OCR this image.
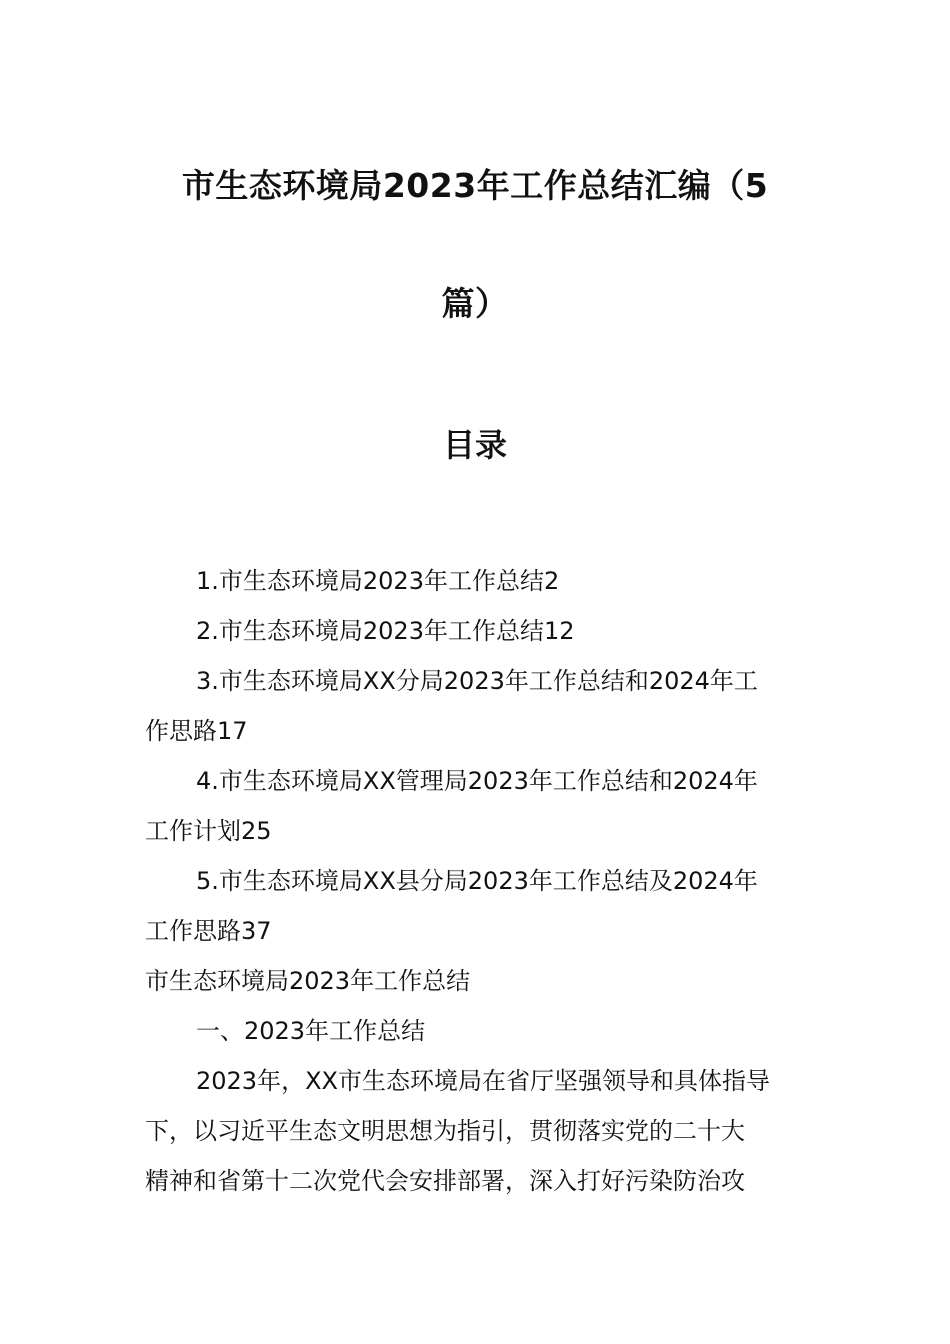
市生态环境局2023年工作总结汇编（5
篇）
目录
1.市生态环境局2023年工作总结2
2.市生态环境局2023年工作总结12
3.市生态环境局XX分局2023年工作总结和2024年工
作思路17
4.市生态环境局XX管理局2023年工作总结和2024年
工作计划25
5.市生态环境局XX县分局2023年工作总结及2024年
工作思路37
市生态环境局2023年工作总结
一、2023年工作总结
2023年，XX市生态环境局在省厅坚强领导和具体指导
下，以习近平生态文明思想为指引，贯彻落实党的二十大
精神和省第十二次党代会安排部署，深入打好污染防治攻
